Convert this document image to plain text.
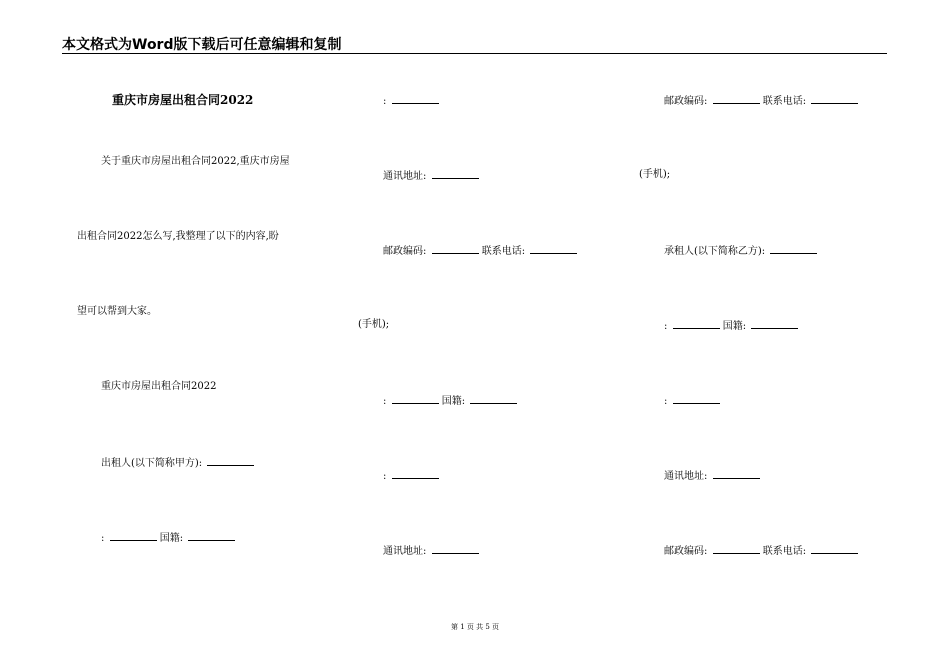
本文格式为Word版下载后可任意编辑和复制
重庆市房屋出租合同2022
关于重庆市房屋出租合同2022,重庆市房屋
出租合同2022怎么写,我整理了以下的内容,盼
望可以帮到大家。
重庆市房屋出租合同2022
出租人(以下简称甲方):
:	国籍:
:
通讯地址:
邮政编码:	联系电话:
(手机);
:	国籍:
:
通讯地址:
邮政编码:	联系电话:
(手机);
承租人(以下简称乙方):
:	国籍:
:
通讯地址:
邮政编码:	联系电话:
第 1 页 共 5 页
